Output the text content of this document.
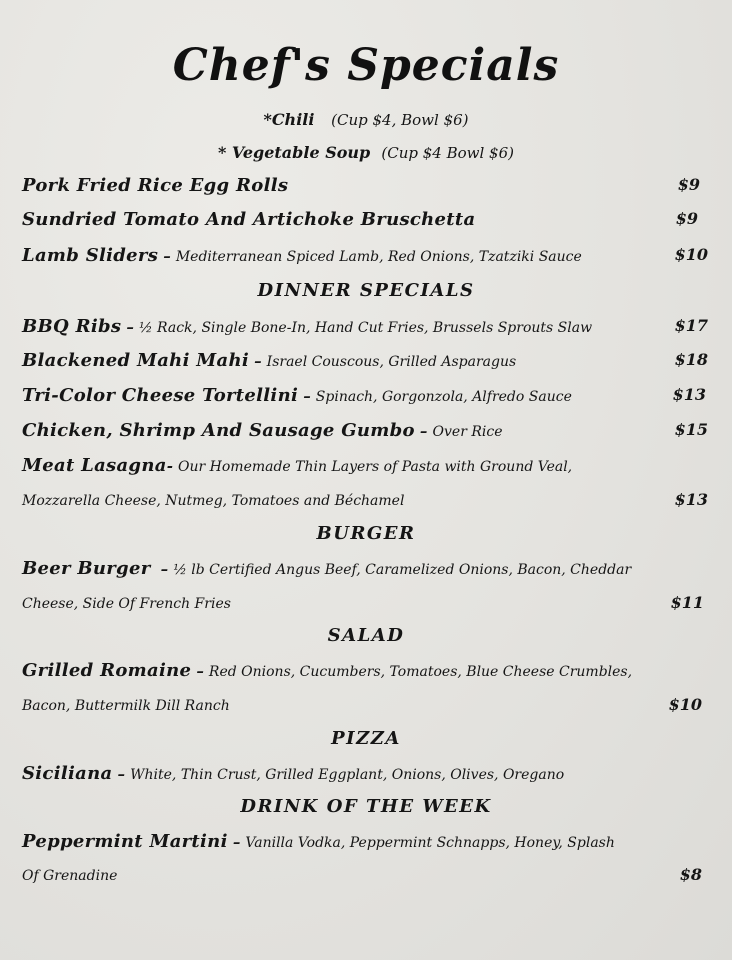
Chef's Specials
*Chili (Cup $4, Bowl $6)
* Vegetable Soup (Cup $4 Bowl $6)
Pork Fried Rice Egg Rolls	$9
Sundried Tomato And Artichoke Bruschetta	$9
Lamb Sliders – Mediterranean Spiced Lamb, Red Onions, Tzatziki Sauce	$10
DINNER SPECIALS
BBQ Ribs – ½ Rack, Single Bone-In, Hand Cut Fries, Brussels Sprouts Slaw	$17
Blackened Mahi Mahi – Israel Couscous, Grilled Asparagus	$18
Tri-Color Cheese Tortellini – Spinach, Gorgonzola, Alfredo Sauce	$13
Chicken, Shrimp And Sausage Gumbo – Over Rice	$15
Meat Lasagna- Our Homemade Thin Layers of Pasta with Ground Veal,
Mozzarella Cheese, Nutmeg, Tomatoes and Béchamel	$13
BURGER
Beer Burger – ½ lb Certified Angus Beef, Caramelized Onions, Bacon, Cheddar
Cheese, Side Of French Fries	$11
SALAD
Grilled Romaine – Red Onions, Cucumbers, Tomatoes, Blue Cheese Crumbles,
Bacon, Buttermilk Dill Ranch	$10
PIZZA
Siciliana – White, Thin Crust, Grilled Eggplant, Onions, Olives, Oregano
DRINK OF THE WEEK
Peppermint Martini – Vanilla Vodka, Peppermint Schnapps, Honey, Splash
Of Grenadine	$8
